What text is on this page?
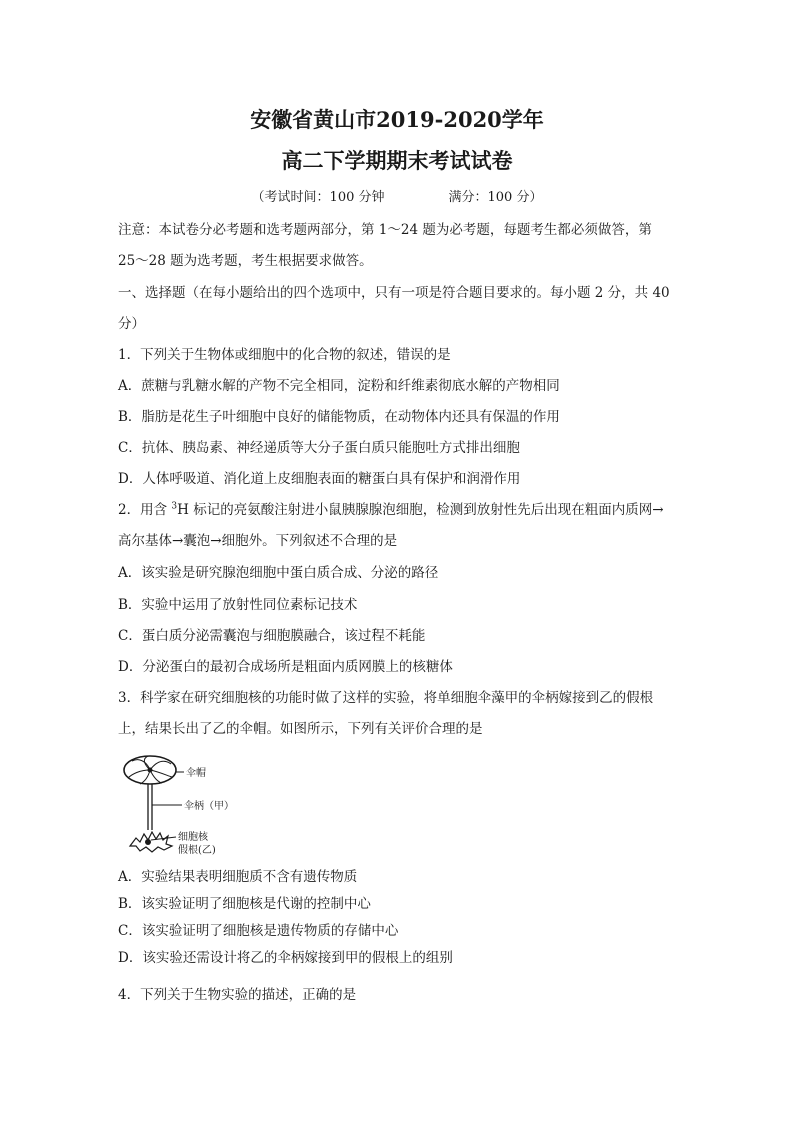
安徽省黄山市2019-2020学年
高二下学期期末考试试卷
（考试时间：100 分钟	满分：100 分）
注意：本试卷分必考题和选考题两部分，第 1～24 题为必考题，每题考生都必须做答，第
25～28 题为选考题，考生根据要求做答。
一、选择题（在每小题给出的四个选项中，只有一项是符合题目要求的。每小题 2 分，共 40
分）
1．下列关于生物体或细胞中的化合物的叙述，错误的是
A．蔗糖与乳糖水解的产物不完全相同，淀粉和纤维素彻底水解的产物相同
B．脂肪是花生子叶细胞中良好的储能物质，在动物体内还具有保温的作用
C．抗体、胰岛素、神经递质等大分子蛋白质只能胞吐方式排出细胞
D．人体呼吸道、消化道上皮细胞表面的糖蛋白具有保护和润滑作用
2．用含 $^3$H 标记的亮氨酸注射进小鼠胰腺腺泡细胞，检测到放射性先后出现在粗面内质网→
高尔基体→囊泡→细胞外。下列叙述不合理的是
A．该实验是研究腺泡细胞中蛋白质合成、分泌的路径
B．实验中运用了放射性同位素标记技术
C．蛋白质分泌需囊泡与细胞膜融合，该过程不耗能
D．分泌蛋白的最初合成场所是粗面内质网膜上的核糖体
3．科学家在研究细胞核的功能时做了这样的实验，将单细胞伞藻甲的伞柄嫁接到乙的假根
上，结果长出了乙的伞帽。如图所示，下列有关评价合理的是
伞帽
伞柄（甲）
细胞核
假根(乙)
A．实验结果表明细胞质不含有遗传物质
B．该实验证明了细胞核是代谢的控制中心
C．该实验证明了细胞核是遗传物质的存储中心
D．该实验还需设计将乙的伞柄嫁接到甲的假根上的组别
4．下列关于生物实验的描述，正确的是
